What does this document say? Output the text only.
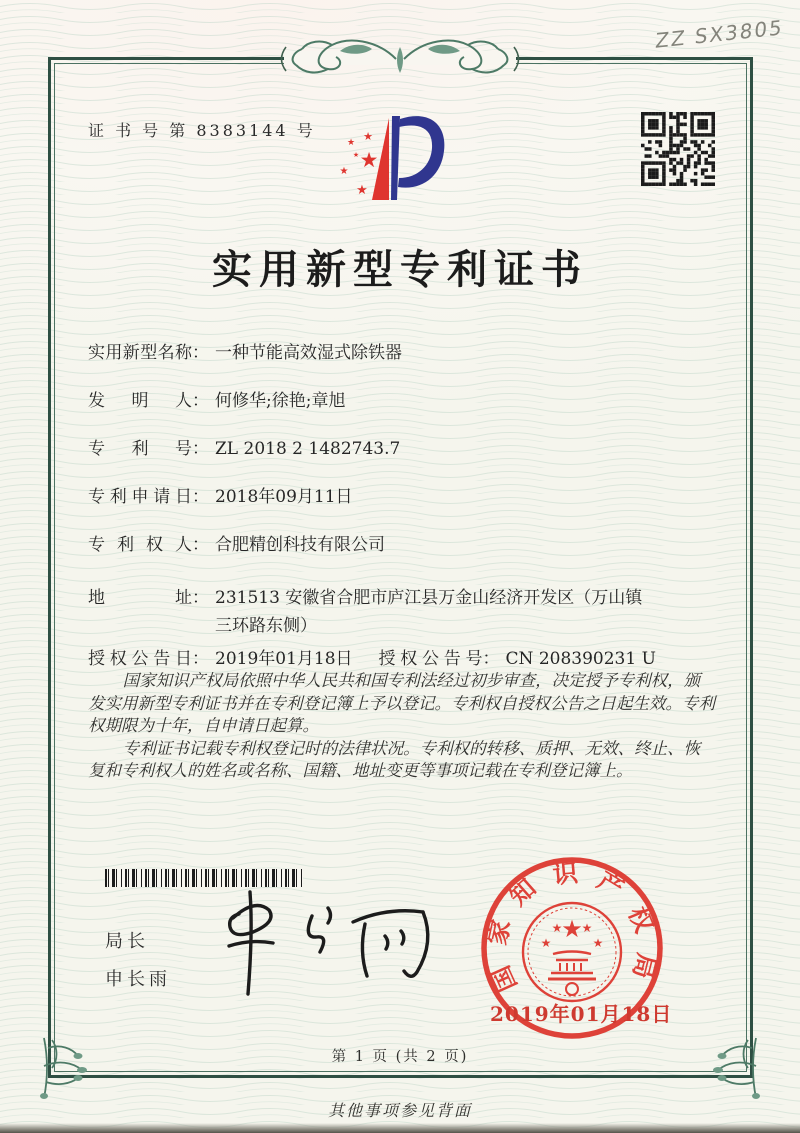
ZZ SX3805
证 书 号 第 8383144 号
★
★ ★
★
★
★
实用新型专利证书
实用新型名称 ： 一种节能高效湿式除铁器
发明人 ： 何修华;徐艳;章旭
专利号 ： ZL 2018 2 1482743.7
专利申请日 ： 2018年09月11日
专利权人 ： 合肥精创科技有限公司
地址 ： 231513 安徽省合肥市庐江县万金山经济开发区（万山镇
三环路东侧）
授权公告日 ： 2019年01月18日 授权公告号 ： CN 208390231 U

国家知识产权局依照中华人民共和国专利法经过初步审查，决定授予专利权，颁发实用新型专利证书并在专利登记簿上予以登记。专利权自授权公告之日起生效。专利权期限为十年，自申请日起算。

专利证书记载专利权登记时的法律状况。专利权的转移、质押、无效、终止、恢复和专利权人的姓名或名称、国籍、地址变更等事项记载在专利登记簿上。

局长
申长雨	国家知识产权局
★
★
★ ★
★
2019年01月18日
第 1 页 (共 2 页)
其他事项参见背面
